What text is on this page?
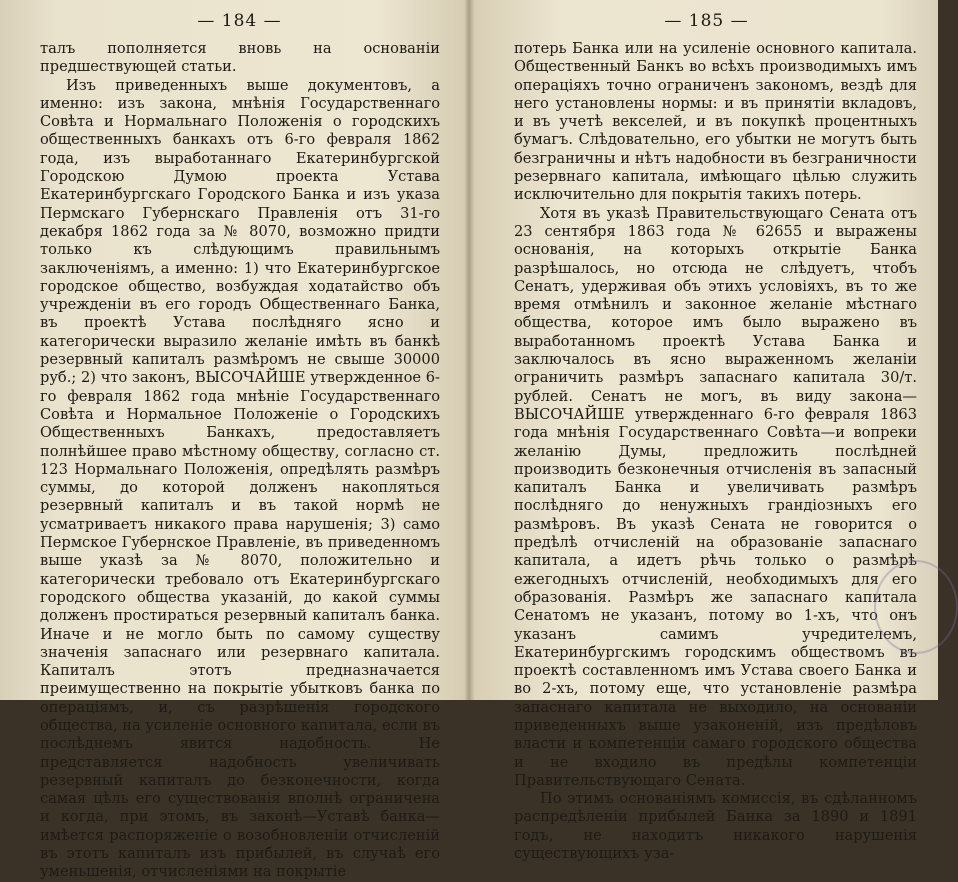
— 184 —

талъ пополняется вновь на основаніи предшествующей статьи.

Изъ приведенныхъ выше документовъ, а именно: изъ закона, мнѣнія Государственнаго Совѣта и Нормальнаго Положенія о городскихъ общественныхъ банкахъ отъ 6-го февраля 1862 года, изъ выработаннаго Екатеринбургской Городскою Думою проекта Устава Екатеринбургскаго Городского Банка и изъ указа Пермскаго Губернскаго Правленія отъ 31-го декабря 1862 года за № 8070, возможно придти только къ слѣдующимъ правильнымъ заключеніямъ, а именно: 1) что Екатеринбургское городское общество, возбуждая ходатайство объ учрежденіи въ его городъ Общественнаго Банка, въ проектѣ Устава послѣдняго ясно и категорически выразило желаніе имѣть въ банкѣ резервный капиталъ размѣромъ не свыше 30000 руб.; 2) что законъ, ВЫСОЧАЙШЕ утвержденное 6-го февраля 1862 года мнѣніе Государственнаго Совѣта и Нормальное Положеніе о Городскихъ Общественныхъ Банкахъ, предоставляетъ полнѣйшее право мѣстному обществу, согласно ст. 123 Нормальнаго Положенія, опредѣлять размѣръ суммы, до которой долженъ накопляться резервный капиталъ и въ такой нормѣ не усматриваетъ никакого права нарушенія; 3) само Пермское Губернское Правленіе, въ приведенномъ выше указѣ за № 8070, положительно и категорически требовало отъ Екатеринбургскаго городского общества указаній, до какой суммы долженъ простираться резервный капиталъ банка. Иначе и не могло быть по самому существу значенія запаснаго или резервнаго капитала. Капиталъ этотъ предназначается преимущественно на покрытіе убытковъ банка по операціямъ, и, съ разрѣшенія городского общества, на усиленіе основного капитала, если въ послѣднемъ явится надобность. Не представляется надобность увеличивать резервный капиталъ до безконечности, когда самая цѣль его существованія вполнѣ ограничена и когда, при этомъ, въ законѣ—Уставѣ банка—имѣется распоряженіе о возобновленіи отчисленій въ этотъ капиталъ изъ прибылей, въ случаѣ его уменьшенія, отчисленіями на покрытіе

— 185 —

потерь Банка или на усиленіе основного капитала. Общественный Банкъ во всѣхъ производимыхъ имъ операціяхъ точно ограниченъ закономъ, вездѣ для него установлены нормы: и въ принятіи вкладовъ, и въ учетѣ векселей, и въ покупкѣ процентныхъ бумагъ. Слѣдовательно, его убытки не могутъ быть безграничны и нѣтъ надобности въ безграничности резервнаго капитала, имѣющаго цѣлью служить исключительно для покрытія такихъ потерь.

Хотя въ указѣ Правительствующаго Сената отъ 23 сентября 1863 года № 62655 и выражены основанія, на которыхъ открытіе Банка разрѣшалось, но отсюда не слѣдуетъ, чтобъ Сенатъ, удерживая объ этихъ условіяхъ, въ то же время отмѣнилъ и законное желаніе мѣстнаго общества, которое имъ было выражено въ выработанномъ проектѣ Устава Банка и заключалось въ ясно выраженномъ желаніи ограничить размѣръ запаснаго капитала 30/т. рублей. Сенатъ не могъ, въ виду закона—ВЫСОЧАЙШЕ утвержденнаго 6-го февраля 1863 года мнѣнія Государственнаго Совѣта—и вопреки желанію Думы, предложить послѣдней производить безконечныя отчисленія въ запасный капиталъ Банка и увеличивать размѣръ послѣдняго до ненужныхъ грандіозныхъ его размѣровъ. Въ указѣ Сената не говорится о предѣлѣ отчисленій на образованіе запаснаго капитала, а идетъ рѣчь только о размѣрѣ ежегодныхъ отчисленій, необходимыхъ для его образованія. Размѣръ же запаснаго капитала Сенатомъ не указанъ, потому во 1-хъ, что онъ указанъ самимъ учредителемъ, Екатеринбургскимъ городскимъ обществомъ въ проектѣ составленномъ имъ Устава своего Банка и во 2-хъ, потому еще, что установленіе размѣра запаснаго капитала не выходило, на основаніи приведенныхъ выше узаконеній, изъ предѣловъ власти и компетенціи самаго городского общества и не входило въ предѣлы компетенціи Правительствующаго Сената.

По этимъ основаніямъ комиссія, въ сдѣланномъ распредѣленіи прибылей Банка за 1890 и 1891 годъ, не находитъ никакого нарушенія существующихъ уза-
